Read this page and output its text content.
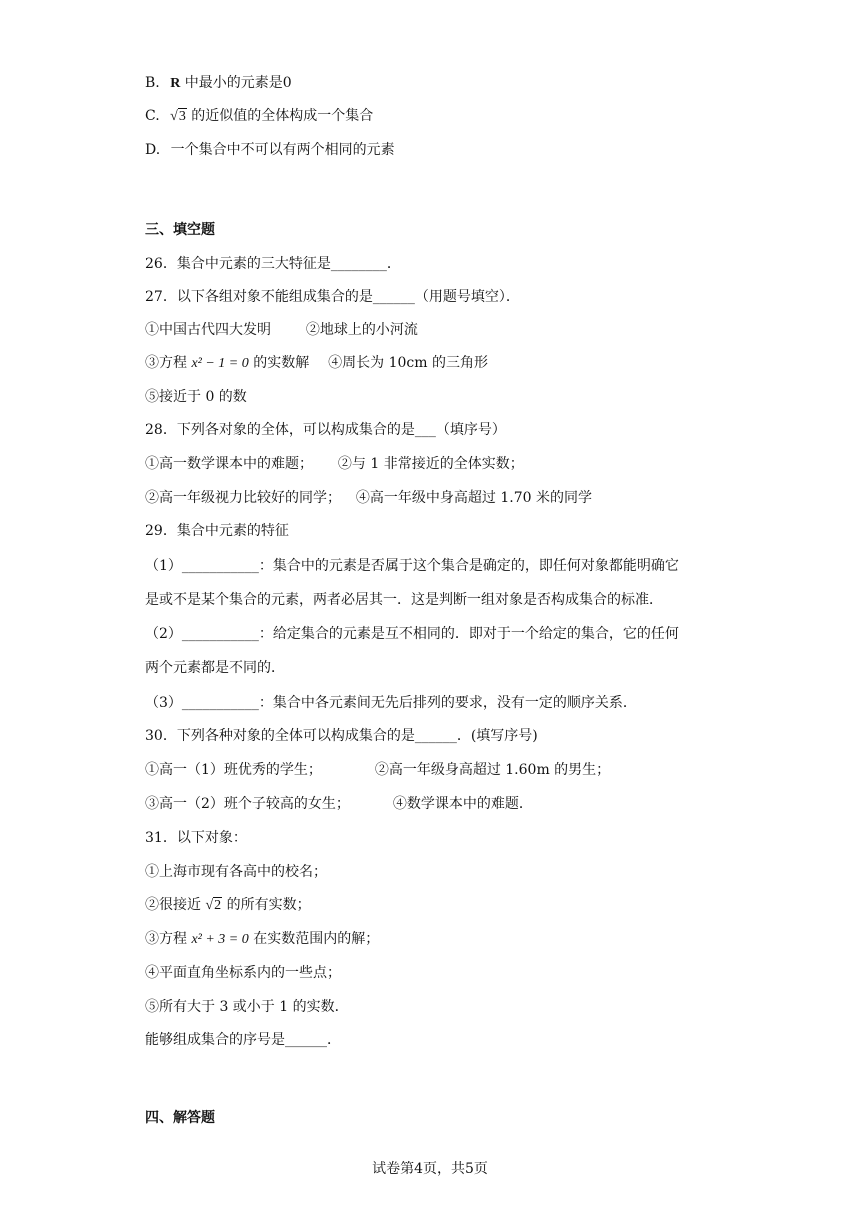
B. R 中最小的元素是0
C. √3 的近似值的全体构成一个集合
D. 一个集合中不可以有两个相同的元素
三、填空题
26．集合中元素的三大特征是________．
27．以下各组对象不能组成集合的是______（用题号填空）．
①中国古代四大发明 ②地球上的小河流
③方程 x² − 1 = 0 的实数解 ④周长为 10cm 的三角形
⑤接近于 0 的数
28．下列各对象的全体，可以构成集合的是___（填序号）
①高一数学课本中的难题； ②与 1 非常接近的全体实数；
②高一年级视力比较好的同学； ④高一年级中身高超过 1.70 米的同学
29．集合中元素的特征
（1）___________：集合中的元素是否属于这个集合是确定的，即任何对象都能明确它
是或不是某个集合的元素，两者必居其一．这是判断一组对象是否构成集合的标准．
（2）___________：给定集合的元素是互不相同的．即对于一个给定的集合，它的任何
两个元素都是不同的．
（3）___________：集合中各元素间无先后排列的要求，没有一定的顺序关系．
30．下列各种对象的全体可以构成集合的是______．(填写序号)
①高一（1）班优秀的学生；	②高一年级身高超过 1.60m 的男生；
③高一（2）班个子较高的女生；	④数学课本中的难题．
31．以下对象：
①上海市现有各高中的校名；
②很接近 √2 的所有实数；
③方程 x² + 3 = 0 在实数范围内的解；
④平面直角坐标系内的一些点；
⑤所有大于 3 或小于 1 的实数．
能够组成集合的序号是______．
四、解答题
试卷第4页，共5页
